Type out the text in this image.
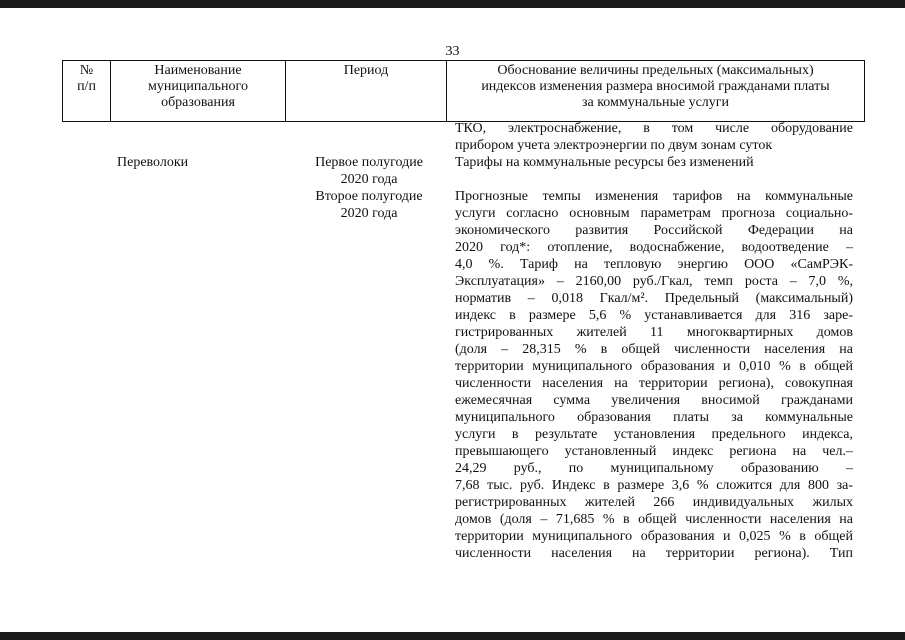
33
№
п/п
Наименование
муниципального
образования
Период	Обоснование величины предельных (максимальных)
индексов изменения размера вносимой гражданами платы
за коммунальные услуги
ТКО, электроснабжение, в том числе оборудование
прибором учета электроэнергии по двум зонам суток
Переволоки	Первое полугодие
2020 года
Второе полугодие
2020 года
Тарифы на коммунальные ресурсы без изменений
Прогнозные темпы изменения тарифов на коммунальные
услуги согласно основным параметрам прогноза социально-
экономического развития Российской Федерации на
2020 год*: отопление, водоснабжение, водоотведение –
4,0 %. Тариф на тепловую энергию ООО «СамРЭК-
Эксплуатация» – 2160,00 руб./Гкал, темп роста – 7,0 %,
норматив – 0,018 Гкал/м². Предельный (максимальный)
индекс в размере 5,6 % устанавливается для 316 заре-
гистрированных жителей 11 многоквартирных домов
(доля – 28,315 % в общей численности населения на
территории муниципального образования и 0,010 % в общей
численности населения на территории региона), совокупная
ежемесячная сумма увеличения вносимой гражданами
муниципального образования платы за коммунальные
услуги в результате установления предельного индекса,
превышающего установленный индекс региона на чел.–
24,29 руб., по муниципальному образованию –
7,68 тыс. руб. Индекс в размере 3,6 % сложится для 800 за-
регистрированных жителей 266 индивидуальных жилых
домов (доля – 71,685 % в общей численности населения на
территории муниципального образования и 0,025 % в общей
численности населения на территории региона). Тип
